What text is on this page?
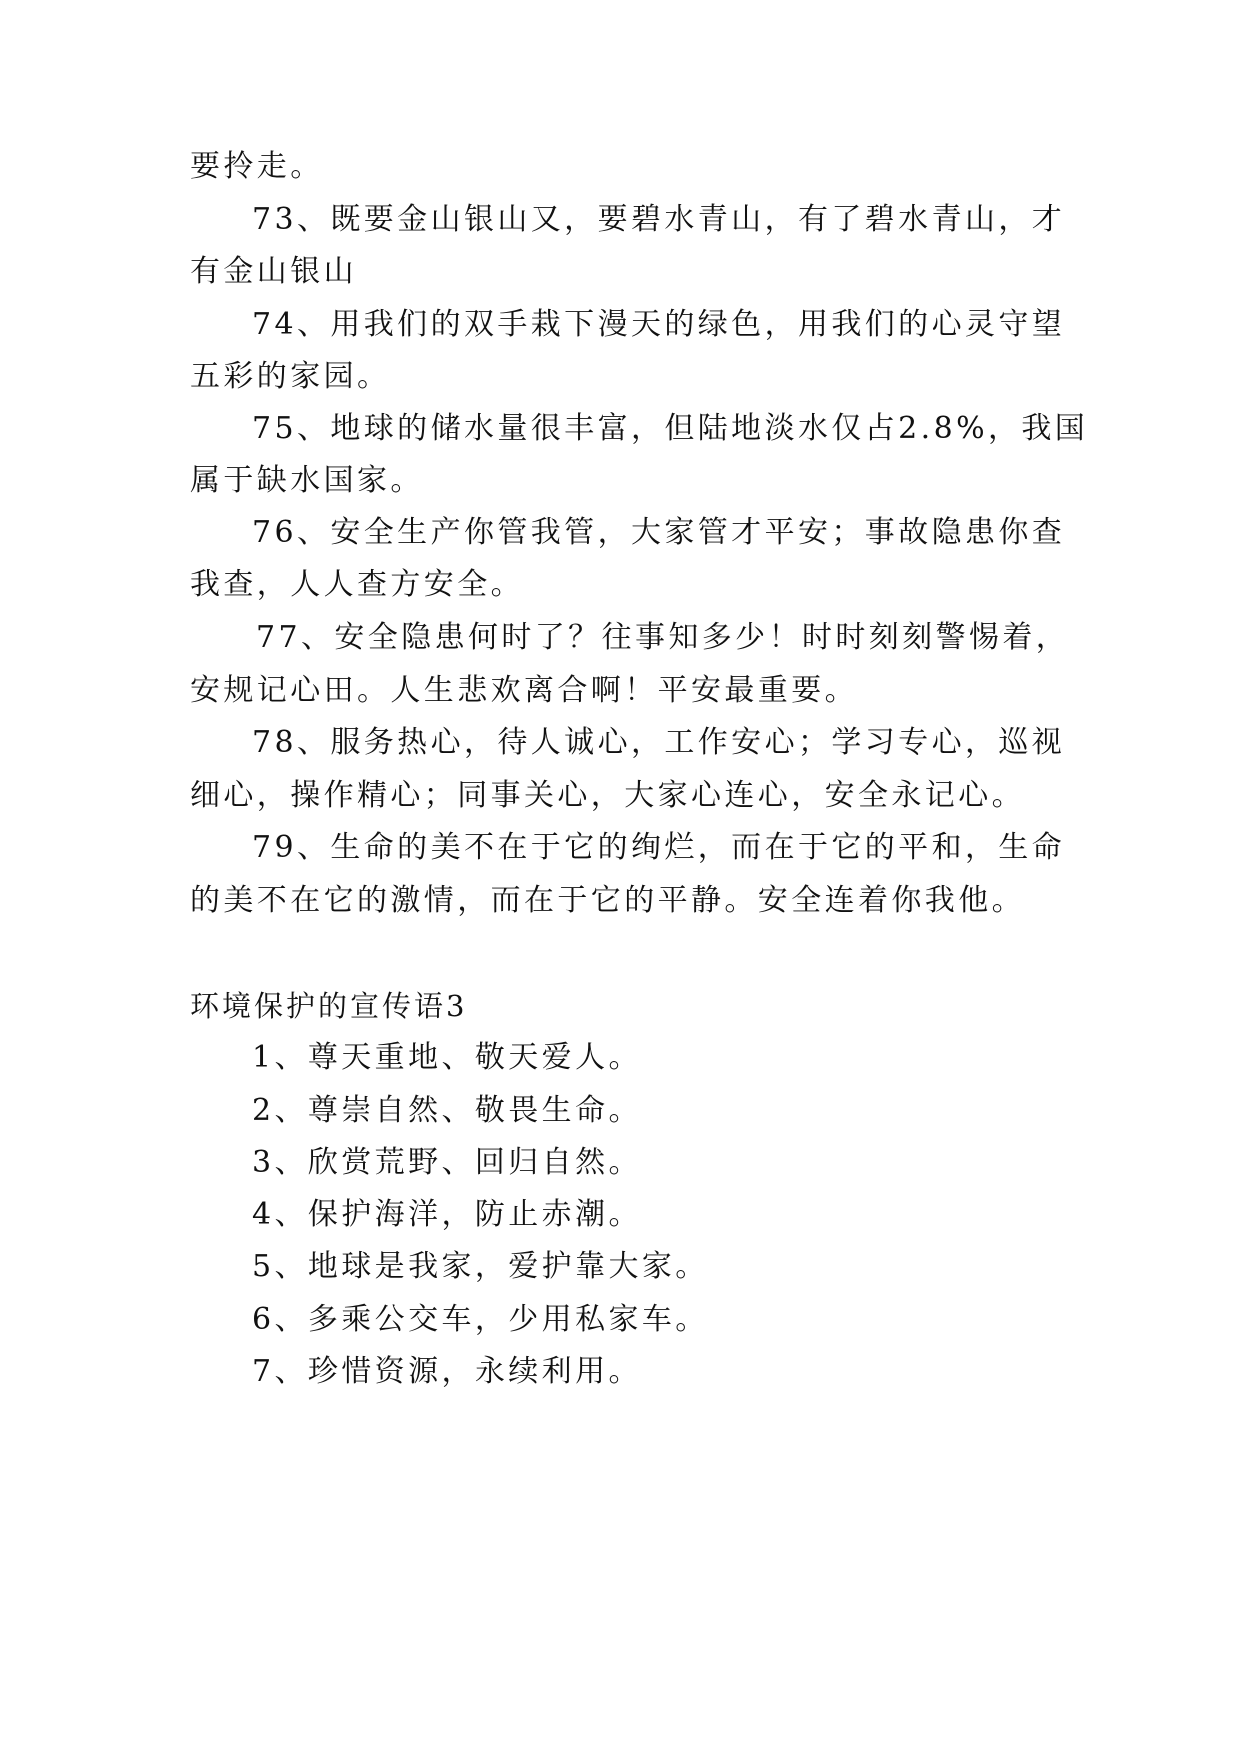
要拎走。
73、既要金山银山又，要碧水青山，有了碧水青山，才
有金山银山
74、用我们的双手栽下漫天的绿色，用我们的心灵守望
五彩的家园。
75、地球的储水量很丰富，但陆地淡水仅占2.8%，我国
属于缺水国家。
76、安全生产你管我管，大家管才平安；事故隐患你查
我查，人人查方安全。
77、安全隐患何时了？往事知多少！时时刻刻警惕着，
安规记心田。人生悲欢离合啊！平安最重要。
78、服务热心，待人诚心，工作安心；学习专心，巡视
细心，操作精心；同事关心，大家心连心，安全永记心。
79、生命的美不在于它的绚烂，而在于它的平和，生命
的美不在它的激情，而在于它的平静。安全连着你我他。
环境保护的宣传语3
1、尊天重地、敬天爱人。
2、尊崇自然、敬畏生命。
3、欣赏荒野、回归自然。
4、保护海洋，防止赤潮。
5、地球是我家，爱护靠大家。
6、多乘公交车，少用私家车。
7、珍惜资源，永续利用。
